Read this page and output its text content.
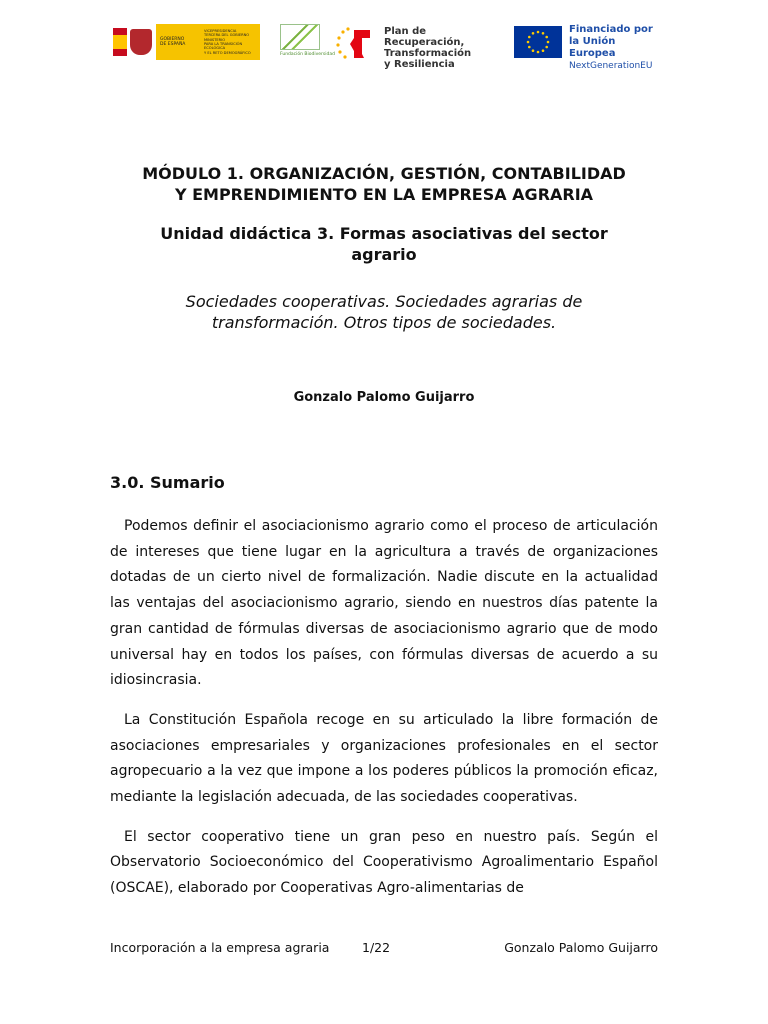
GOBIERNO
DE ESPAÑA
VICEPRESIDENCIA
TERCERA DEL GOBIERNO
MINISTERIO
PARA LA TRANSICIÓN ECOLÓGICA
Y EL RETO DEMOGRÁFICO	Fundación Biodiversidad
Plan de Recuperación,
Transformación
y Resiliencia
Financiado por
la Unión Europea
NextGenerationEU
MÓDULO 1. ORGANIZACIÓN, GESTIÓN, CONTABILIDAD
Y EMPRENDIMIENTO EN LA EMPRESA AGRARIA
Unidad didáctica 3. Formas asociativas del sector
agrario
Sociedades cooperativas. Sociedades agrarias de
transformación. Otros tipos de sociedades.
Gonzalo Palomo Guijarro
3.0. Sumario

Podemos definir el asociacionismo agrario como el proceso de articulación de intereses que tiene lugar en la agricultura a través de organizaciones dotadas de un cierto nivel de formalización. Nadie discute en la actualidad las ventajas del asociacionismo agrario, siendo en nuestros días patente la gran cantidad de fórmulas diversas de asociacionismo agrario que de modo universal hay en todos los países, con fórmulas diversas de acuerdo a su idiosincrasia.

La Constitución Española recoge en su articulado la libre formación de asociaciones empresariales y organizaciones profesionales en el sector agropecuario a la vez que impone a los poderes públicos la promoción eficaz, mediante la legislación adecuada, de las sociedades cooperativas.

El sector cooperativo tiene un gran peso en nuestro país. Según el Observatorio Socioeconómico del Cooperativismo Agroalimentario Español (OSCAE), elaborado por Cooperativas Agro-alimentarias de

Incorporación a la empresa agraria	1/22	Gonzalo Palomo Guijarro
